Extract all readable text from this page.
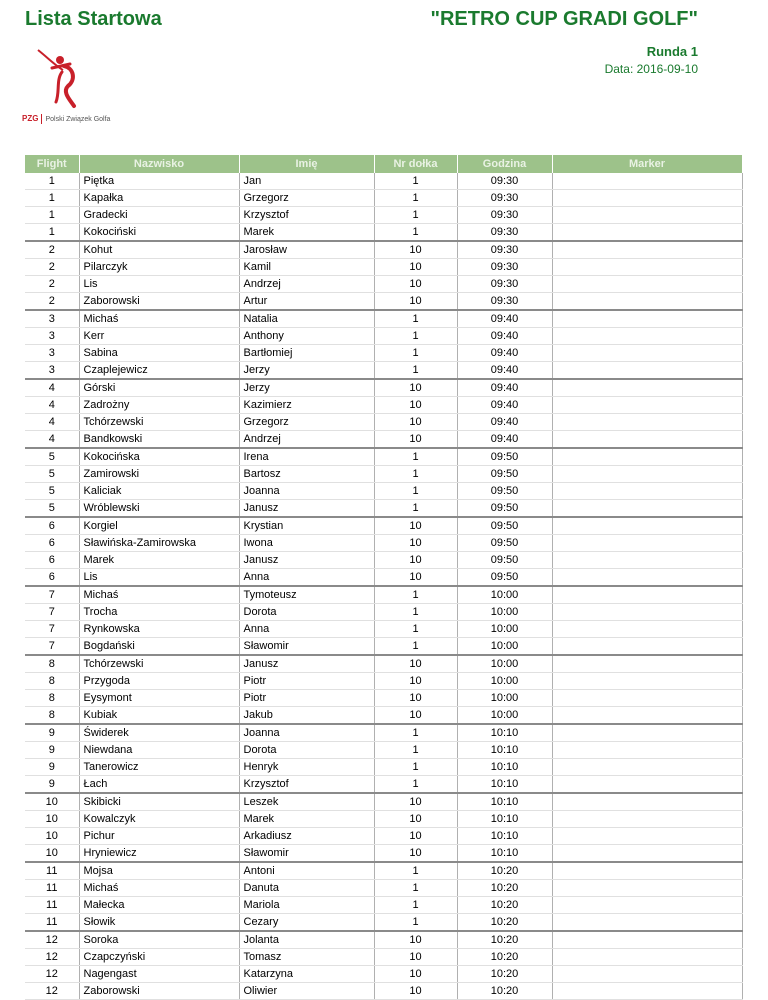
Lista Startowa	"RETRO CUP GRADI GOLF"
Runda 1
Data: 2016-09-10
PZG Polski Związek Golfa
Flight	Nazwisko	Imię	Nr dołka	Godzina	Marker
1	Piętka	Jan	1	09:30	
1	Kapałka	Grzegorz	1	09:30	
1	Gradecki	Krzysztof	1	09:30	
1	Kokociński	Marek	1	09:30	
2	Kohut	Jarosław	10	09:30	
2	Pilarczyk	Kamil	10	09:30	
2	Lis	Andrzej	10	09:30	
2	Zaborowski	Artur	10	09:30	
3	Michaś	Natalia	1	09:40	
3	Kerr	Anthony	1	09:40	
3	Sabina	Bartłomiej	1	09:40	
3	Czaplejewicz	Jerzy	1	09:40	
4	Górski	Jerzy	10	09:40	
4	Zadrożny	Kazimierz	10	09:40	
4	Tchórzewski	Grzegorz	10	09:40	
4	Bandkowski	Andrzej	10	09:40	
5	Kokocińska	Irena	1	09:50	
5	Zamirowski	Bartosz	1	09:50	
5	Kaliciak	Joanna	1	09:50	
5	Wróblewski	Janusz	1	09:50	
6	Korgiel	Krystian	10	09:50	
6	Sławińska-Zamirowska	Iwona	10	09:50	
6	Marek	Janusz	10	09:50	
6	Lis	Anna	10	09:50	
7	Michaś	Tymoteusz	1	10:00	
7	Trocha	Dorota	1	10:00	
7	Rynkowska	Anna	1	10:00	
7	Bogdański	Sławomir	1	10:00	
8	Tchórzewski	Janusz	10	10:00	
8	Przygoda	Piotr	10	10:00	
8	Eysymont	Piotr	10	10:00	
8	Kubiak	Jakub	10	10:00	
9	Świderek	Joanna	1	10:10	
9	Niewdana	Dorota	1	10:10	
9	Tanerowicz	Henryk	1	10:10	
9	Łach	Krzysztof	1	10:10	
10	Skibicki	Leszek	10	10:10	
10	Kowalczyk	Marek	10	10:10	
10	Pichur	Arkadiusz	10	10:10	
10	Hryniewicz	Sławomir	10	10:10	
11	Mojsa	Antoni	1	10:20	
11	Michaś	Danuta	1	10:20	
11	Małecka	Mariola	1	10:20	
11	Słowik	Cezary	1	10:20	
12	Soroka	Jolanta	10	10:20	
12	Czapczyński	Tomasz	10	10:20	
12	Nagengast	Katarzyna	10	10:20	
12	Zaborowski	Oliwier	10	10:20	
